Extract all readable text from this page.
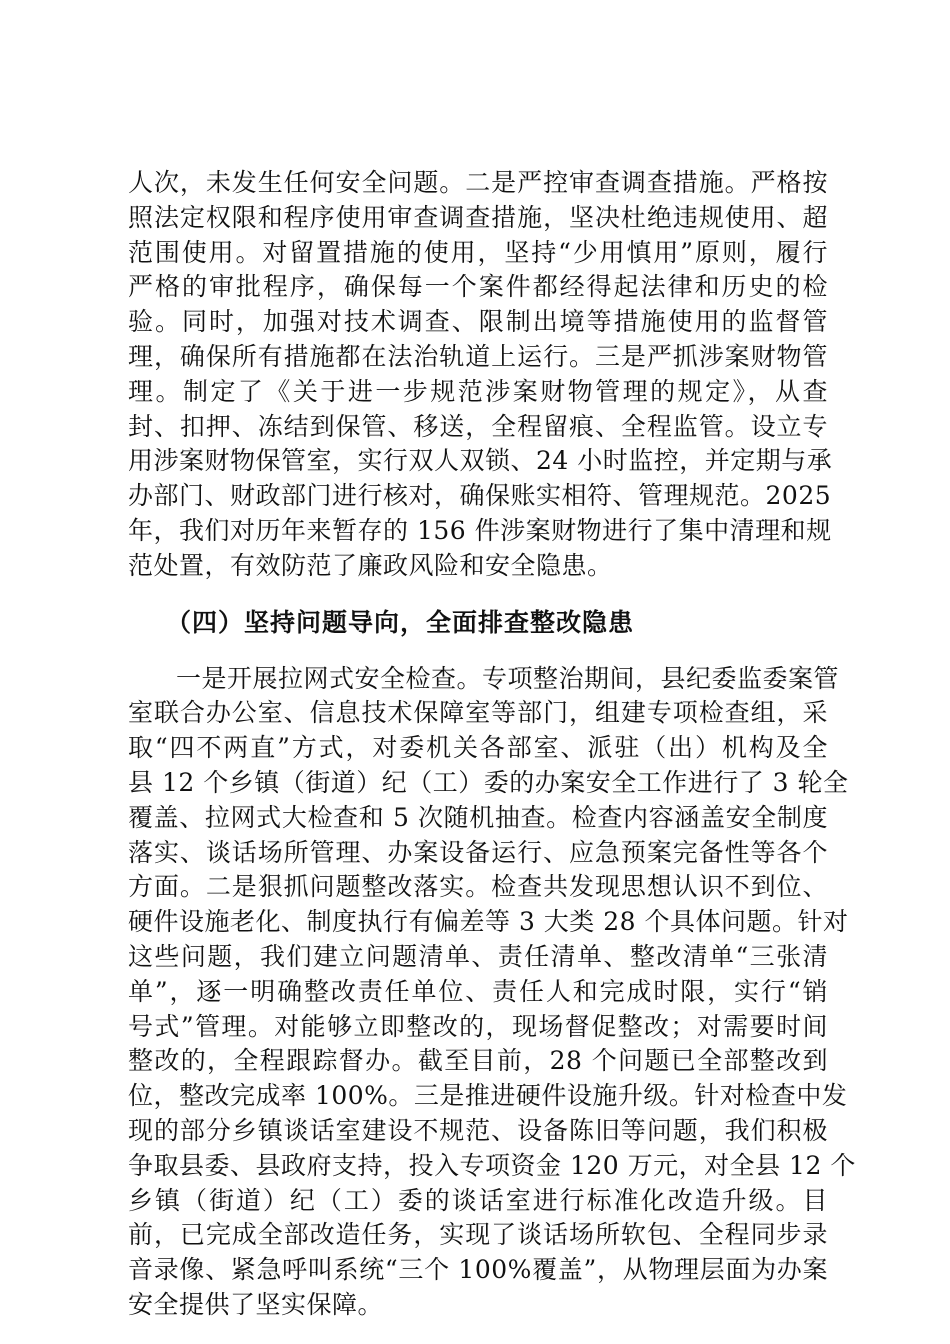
人次，未发生任何安全问题。二是严控审查调查措施。严格按
照法定权限和程序使用审查调查措施，坚决杜绝违规使用、超
范围使用。对留置措施的使用，坚持“少用慎用”原则，履行
严格的审批程序，确保每一个案件都经得起法律和历史的检
验。同时，加强对技术调查、限制出境等措施使用的监督管
理，确保所有措施都在法治轨道上运行。三是严抓涉案财物管
理。制定了《关于进一步规范涉案财物管理的规定》，从查
封、扣押、冻结到保管、移送，全程留痕、全程监管。设立专
用涉案财物保管室，实行双人双锁、24 小时监控，并定期与承
办部门、财政部门进行核对，确保账实相符、管理规范。2025
年，我们对历年来暂存的 156 件涉案财物进行了集中清理和规
范处置，有效防范了廉政风险和安全隐患。
（四）坚持问题导向，全面排查整改隐患
一是开展拉网式安全检查。专项整治期间，县纪委监委案管
室联合办公室、信息技术保障室等部门，组建专项检查组，采
取“四不两直”方式，对委机关各部室、派驻（出）机构及全
县 12 个乡镇（街道）纪（工）委的办案安全工作进行了 3 轮全
覆盖、拉网式大检查和 5 次随机抽查。检查内容涵盖安全制度
落实、谈话场所管理、办案设备运行、应急预案完备性等各个
方面。二是狠抓问题整改落实。检查共发现思想认识不到位、
硬件设施老化、制度执行有偏差等 3 大类 28 个具体问题。针对
这些问题，我们建立问题清单、责任清单、整改清单“三张清
单”，逐一明确整改责任单位、责任人和完成时限，实行“销
号式”管理。对能够立即整改的，现场督促整改；对需要时间
整改的，全程跟踪督办。截至目前，28 个问题已全部整改到
位，整改完成率 100%。三是推进硬件设施升级。针对检查中发
现的部分乡镇谈话室建设不规范、设备陈旧等问题，我们积极
争取县委、县政府支持，投入专项资金 120 万元，对全县 12 个
乡镇（街道）纪（工）委的谈话室进行标准化改造升级。目
前，已完成全部改造任务，实现了谈话场所软包、全程同步录
音录像、紧急呼叫系统“三个 100%覆盖”，从物理层面为办案
安全提供了坚实保障。
